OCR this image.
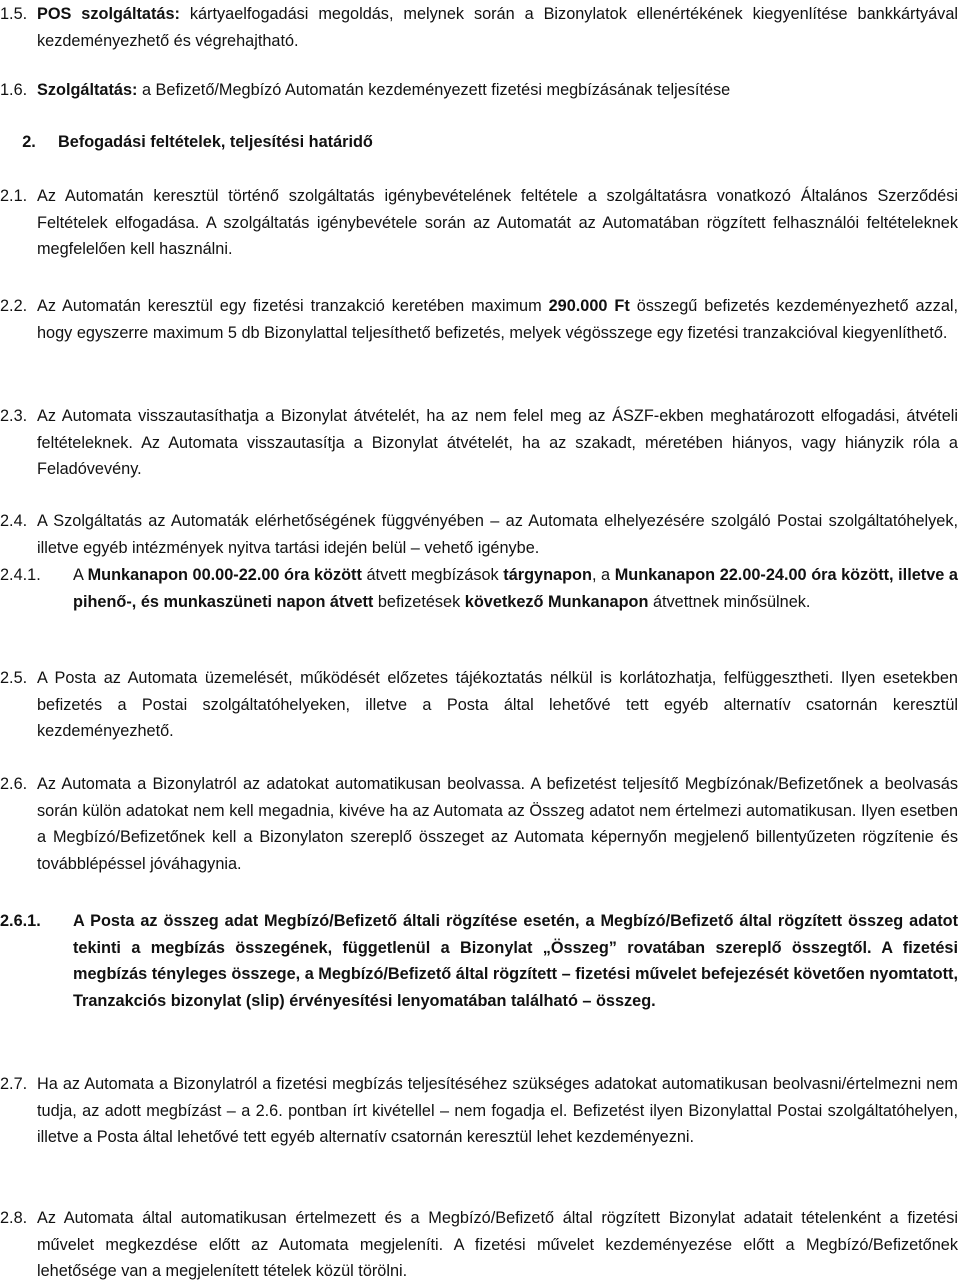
1.5. POS szolgáltatás: kártyaelfogadási megoldás, melynek során a Bizonylatok ellenértékének kiegyenlítése bankkártyával kezdeményezhető és végrehajtható.
1.6. Szolgáltatás: a Befizető/Megbízó Automatán kezdeményezett fizetési megbízásának teljesítése
2.	Befogadási feltételek, teljesítési határidő
2.1. Az Automatán keresztül történő szolgáltatás igénybevételének feltétele a szolgáltatásra vonatkozó Általános Szerződési Feltételek elfogadása. A szolgáltatás igénybevétele során az Automatát az Automatában rögzített felhasználói feltételeknek megfelelően kell használni.
2.2. Az Automatán keresztül egy fizetési tranzakció keretében maximum 290.000 Ft összegű befizetés kezdeményezhető azzal, hogy egyszerre maximum 5 db Bizonylattal teljesíthető befizetés, melyek végösszege egy fizetési tranzakcióval kiegyenlíthető.
2.3. Az Automata visszautasíthatja a Bizonylat átvételét, ha az nem felel meg az ÁSZF-ekben meghatározott elfogadási, átvételi feltételeknek. Az Automata visszautasítja a Bizonylat átvételét, ha az szakadt, méretében hiányos, vagy hiányzik róla a Feladóvevény.
2.4. A Szolgáltatás az Automaták elérhetőségének függvényében – az Automata elhelyezésére szolgáló Postai szolgáltatóhelyek, illetve egyéb intézmények nyitva tartási idején belül – vehető igénybe.
2.4.1.	A Munkanapon 00.00-22.00 óra között átvett megbízások tárgynapon, a Munkanapon 22.00-24.00 óra között, illetve a pihenő-, és munkaszüneti napon átvett befizetések következő Munkanapon átvettnek minősülnek.
2.5. A Posta az Automata üzemelését, működését előzetes tájékoztatás nélkül is korlátozhatja, felfüggesztheti. Ilyen esetekben befizetés a Postai szolgáltatóhelyeken, illetve a Posta által lehetővé tett egyéb alternatív csatornán keresztül kezdeményezhető.
2.6. Az Automata a Bizonylatról az adatokat automatikusan beolvassa. A befizetést teljesítő Megbízónak/Befizetőnek a beolvasás során külön adatokat nem kell megadnia, kivéve ha az Automata az Összeg adatot nem értelmezi automatikusan. Ilyen esetben a Megbízó/Befizetőnek kell a Bizonylaton szereplő összeget az Automata képernyőn megjelenő billentyűzeten rögzítenie és továbblépéssel jóváhagynia.
2.6.1.	A Posta az összeg adat Megbízó/Befizető általi rögzítése esetén, a Megbízó/Befizető által rögzített összeg adatot tekinti a megbízás összegének, függetlenül a Bizonylat „Összeg” rovatában szereplő összegtől. A fizetési megbízás tényleges összege, a Megbízó/Befizető által rögzített – fizetési művelet befejezését követően nyomtatott, Tranzakciós bizonylat (slip) érvényesítési lenyomatában található – összeg.
2.7. Ha az Automata a Bizonylatról a fizetési megbízás teljesítéséhez szükséges adatokat automatikusan beolvasni/értelmezni nem tudja, az adott megbízást – a 2.6. pontban írt kivétellel – nem fogadja el. Befizetést ilyen Bizonylattal Postai szolgáltatóhelyen, illetve a Posta által lehetővé tett egyéb alternatív csatornán keresztül lehet kezdeményezni.
2.8. Az Automata által automatikusan értelmezett és a Megbízó/Befizető által rögzített Bizonylat adatait tételenként a fizetési művelet megkezdése előtt az Automata megjeleníti. A fizetési művelet kezdeményezése előtt a Megbízó/Befizetőnek lehetősége van a megjelenített tételek közül törölni.
